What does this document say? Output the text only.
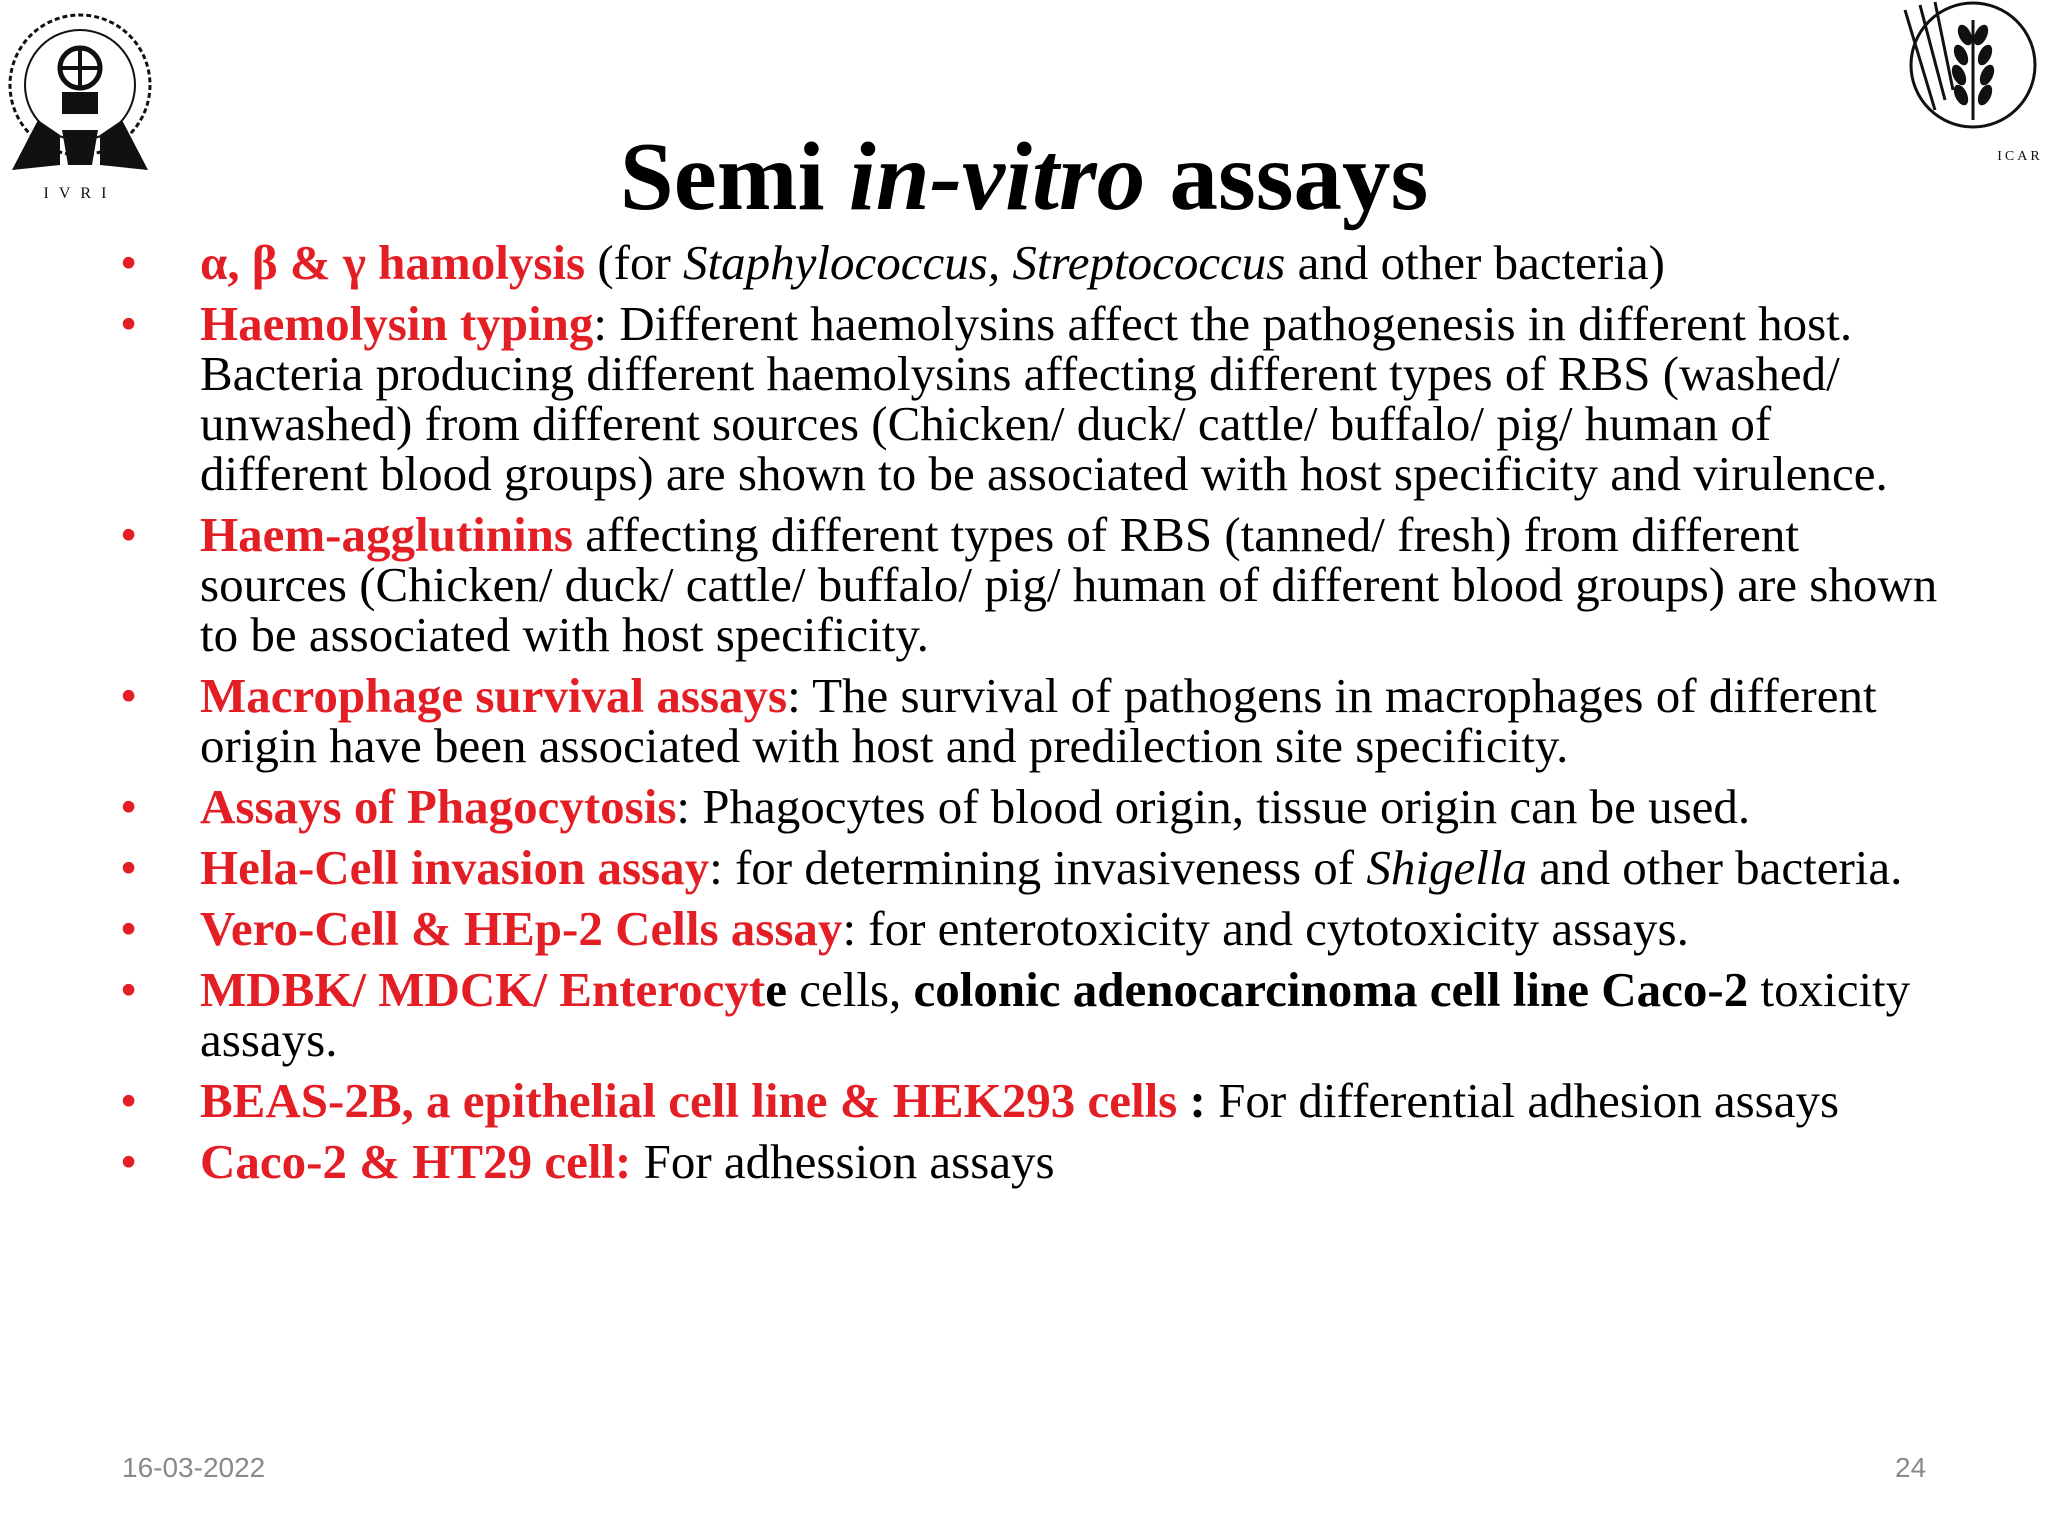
IVRI
ICAR
Semi in-vitro assays
• α, β & γ hamolysis (for Staphylococcus, Streptococcus and other bacteria)
• Haemolysin typing: Different haemolysins affect the pathogenesis in different host. Bacteria producing different haemolysins affecting different types of RBS (washed/ unwashed) from different sources (Chicken/ duck/ cattle/ buffalo/ pig/ human of different blood groups) are shown to be associated with host specificity and virulence.
• Haem-agglutinins affecting different types of RBS (tanned/ fresh) from different sources (Chicken/ duck/ cattle/ buffalo/ pig/ human of different blood groups) are shown to be associated with host specificity.
• Macrophage survival assays: The survival of pathogens in macrophages of different origin have been associated with host and predilection site specificity.
• Assays of Phagocytosis: Phagocytes of blood origin, tissue origin can be used.
• Hela-Cell invasion assay: for determining invasiveness of Shigella and other bacteria.
• Vero-Cell & HEp-2 Cells assay: for enterotoxicity and cytotoxicity assays.
• MDBK/ MDCK/ Enterocyte cells, colonic adenocarcinoma cell line Caco-2 toxicity assays.
• BEAS-2B, a epithelial cell line & HEK293 cells : For differential adhesion assays
• Caco-2 & HT29 cell: For adhession assays
16-03-2022	24
